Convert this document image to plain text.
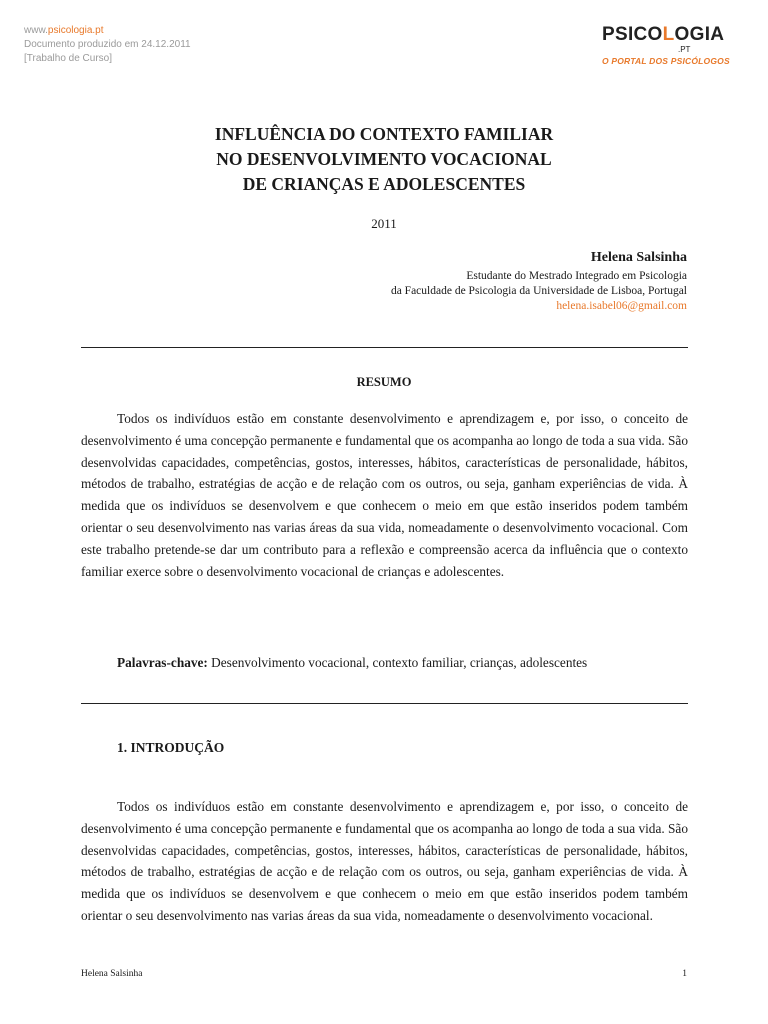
www.psicologia.pt
Documento produzido em 24.12.2011
[Trabalho de Curso]
PSICOLOGIA
.PT
O PORTAL DOS PSICÓLOGOS
INFLUÊNCIA DO CONTEXTO FAMILIAR
NO DESENVOLVIMENTO VOCACIONAL
DE CRIANÇAS E ADOLESCENTES
2011
Helena Salsinha
Estudante do Mestrado Integrado em Psicologia
da Faculdade de Psicologia da Universidade de Lisboa, Portugal
helena.isabel06@gmail.com
RESUMO

Todos os indivíduos estão em constante desenvolvimento e aprendizagem e, por isso, o conceito de desenvolvimento é uma concepção permanente e fundamental que os acompanha ao longo de toda a sua vida. São desenvolvidas capacidades, competências, gostos, interesses, hábitos, características de personalidade, hábitos, métodos de trabalho, estratégias de acção e de relação com os outros, ou seja, ganham experiências de vida. À medida que os indivíduos se desenvolvem e que conhecem o meio em que estão inseridos podem também orientar o seu desenvolvimento nas varias áreas da sua vida, nomeadamente o desenvolvimento vocacional. Com este trabalho pretende-se dar um contributo para a reflexão e compreensão acerca da influência que o contexto familiar exerce sobre o desenvolvimento vocacional de crianças e adolescentes.

Palavras-chave: Desenvolvimento vocacional, contexto familiar, crianças, adolescentes
1. INTRODUÇÃO

Todos os indivíduos estão em constante desenvolvimento e aprendizagem e, por isso, o conceito de desenvolvimento é uma concepção permanente e fundamental que os acompanha ao longo de toda a sua vida. São desenvolvidas capacidades, competências, gostos, interesses, hábitos, características de personalidade, hábitos, métodos de trabalho, estratégias de acção e de relação com os outros, ou seja, ganham experiências de vida. À medida que os indivíduos se desenvolvem e que conhecem o meio em que estão inseridos podem também orientar o seu desenvolvimento nas varias áreas da sua vida, nomeadamente o desenvolvimento vocacional.

Helena Salsinha	1
